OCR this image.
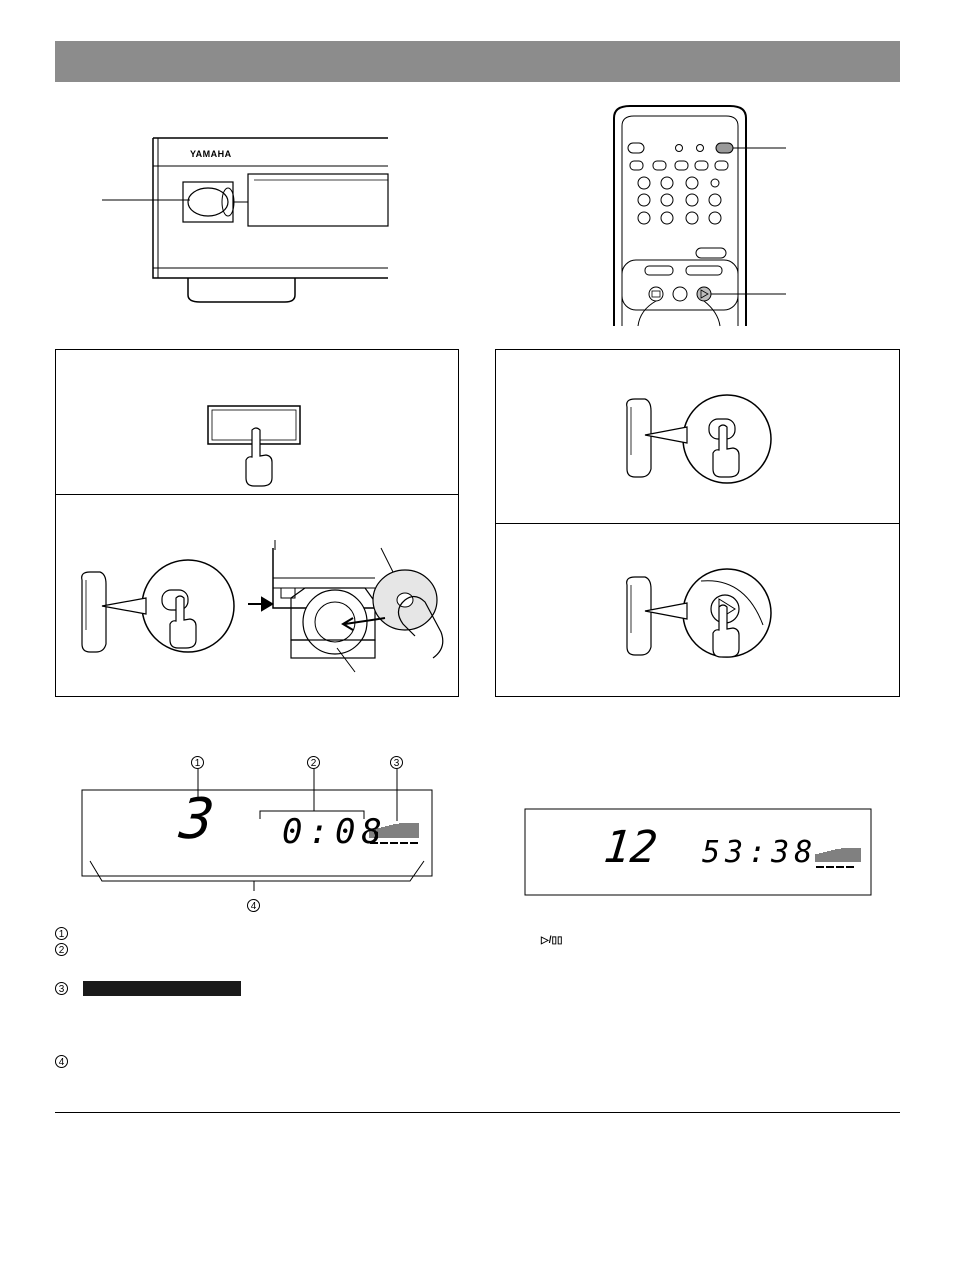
YAMAHA
1	2	3
4
3 0:08	12 53:38
1
2
3
4
▷/▯▯
